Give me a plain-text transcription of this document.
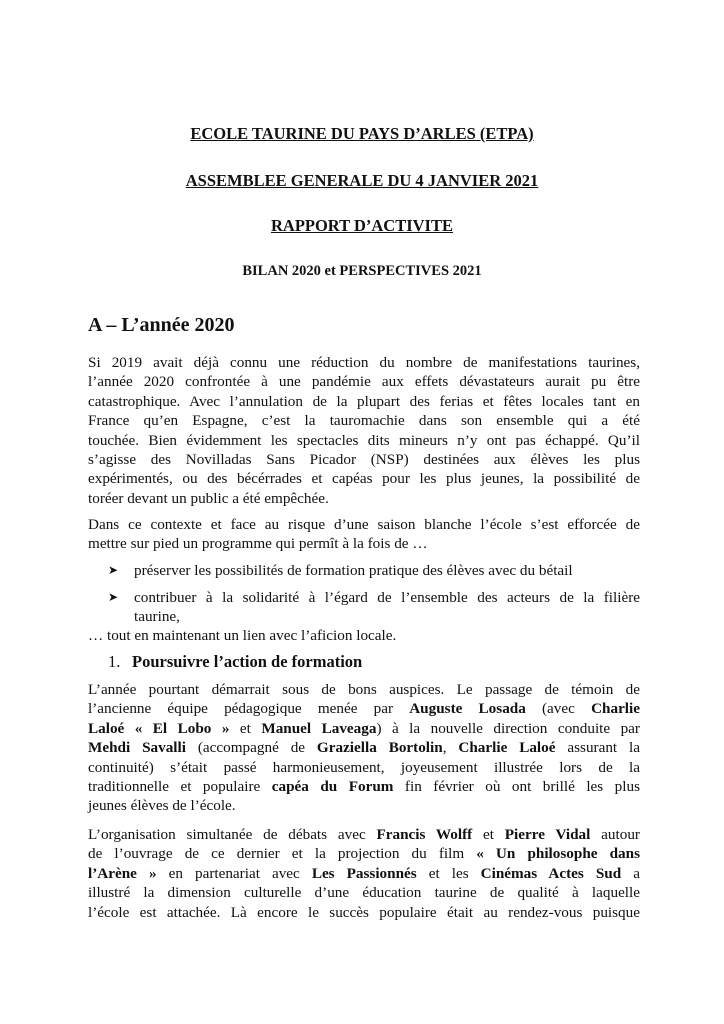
ECOLE TAURINE DU PAYS D’ARLES (ETPA)
ASSEMBLEE GENERALE DU 4 JANVIER 2021
RAPPORT D’ACTIVITE
BILAN 2020 et PERSPECTIVES 2021
A – L’année 2020
Si 2019 avait déjà connu une réduction du nombre de manifestations taurines,
l’année 2020 confrontée à une pandémie aux effets dévastateurs aurait pu être
catastrophique. Avec l’annulation de la plupart des ferias et fêtes locales tant en
France qu’en Espagne, c’est la tauromachie dans son ensemble qui a été
touchée. Bien évidemment les spectacles dits mineurs n’y ont pas échappé. Qu’il
s’agisse des Novilladas Sans Picador (NSP) destinées aux élèves les plus
expérimentés, ou des bécérrades et capéas pour les plus jeunes, la possibilité de
toréer devant un public a été empêchée.
Dans ce contexte et face au risque d’une saison blanche l’école s’est efforcée de
mettre sur pied un programme qui permît à la fois de …
➤ préserver les possibilités de formation pratique des élèves avec du bétail
➤ contribuer à la solidarité à l’égard de l’ensemble des acteurs de la filière
taurine,
… tout en maintenant un lien avec l’aficion locale.
1. Poursuivre l’action de formation
L’année pourtant démarrait sous de bons auspices. Le passage de témoin de
l’ancienne équipe pédagogique menée par Auguste Losada (avec Charlie
Laloé « El Lobo » et Manuel Laveaga) à la nouvelle direction conduite par
Mehdi Savalli (accompagné de Graziella Bortolin, Charlie Laloé assurant la
continuité) s’était passé harmonieusement, joyeusement illustrée lors de la
traditionnelle et populaire capéa du Forum fin février où ont brillé les plus
jeunes élèves de l’école.
L’organisation simultanée de débats avec Francis Wolff et Pierre Vidal autour
de l’ouvrage de ce dernier et la projection du film « Un philosophe dans
l’Arène » en partenariat avec Les Passionnés et les Cinémas Actes Sud a
illustré la dimension culturelle d’une éducation taurine de qualité à laquelle
l’école est attachée. Là encore le succès populaire était au rendez-vous puisque
